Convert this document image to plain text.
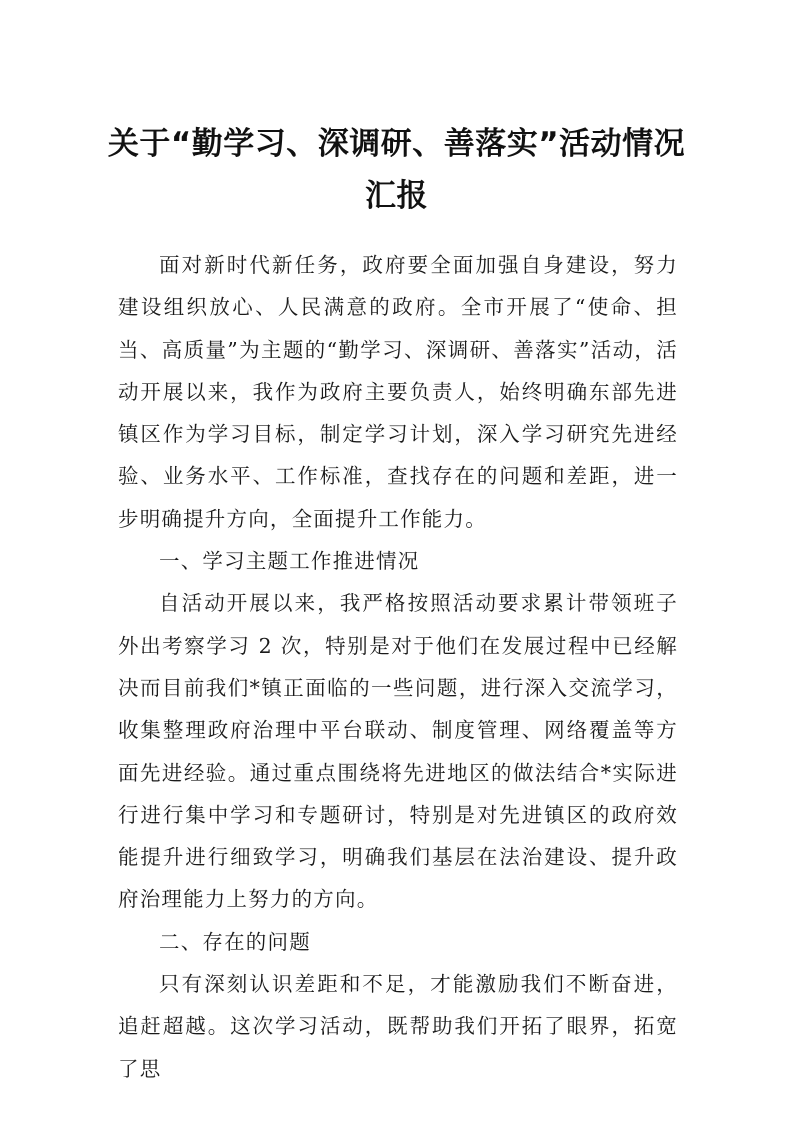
关于“勤学习、深调研、善落实”活动情况汇报

面对新时代新任务，政府要全面加强自身建设，努力建设组织放心、人民满意的政府。全市开展了“使命、担当、高质量”为主题的“勤学习、深调研、善落实”活动，活动开展以来，我作为政府主要负责人，始终明确东部先进镇区作为学习目标，制定学习计划，深入学习研究先进经验、业务水平、工作标准，查找存在的问题和差距，进一步明确提升方向，全面提升工作能力。

一、学习主题工作推进情况

自活动开展以来，我严格按照活动要求累计带领班子外出考察学习 2 次，特别是对于他们在发展过程中已经解决而目前我们*镇正面临的一些问题，进行深入交流学习，收集整理政府治理中平台联动、制度管理、网络覆盖等方面先进经验。通过重点围绕将先进地区的做法结合*实际进行进行集中学习和专题研讨，特别是对先进镇区的政府效能提升进行细致学习，明确我们基层在法治建设、提升政府治理能力上努力的方向。

二、存在的问题

只有深刻认识差距和不足，才能激励我们不断奋进，追赶超越。这次学习活动，既帮助我们开拓了眼界，拓宽了思
